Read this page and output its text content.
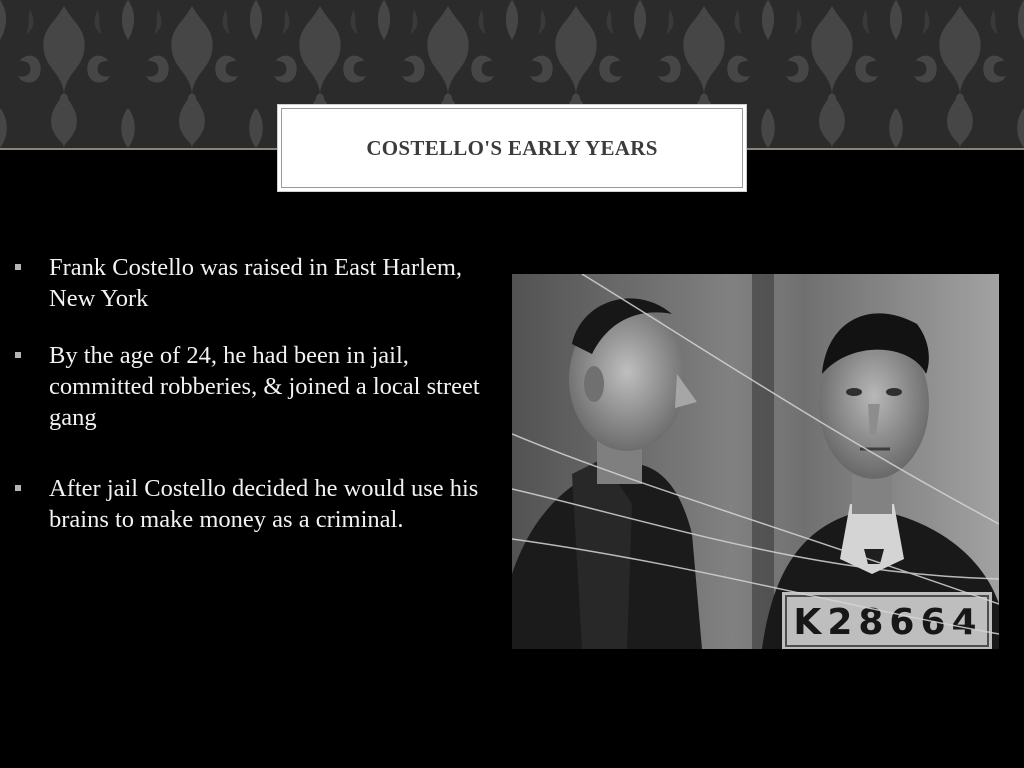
COSTELLO'S EARLY YEARS
Frank Costello was raised in East Harlem, New York
By the age of 24, he had been in jail, committed robberies, & joined a local street gang
After jail Costello decided he would use his brains to make money as a criminal.
K28664
